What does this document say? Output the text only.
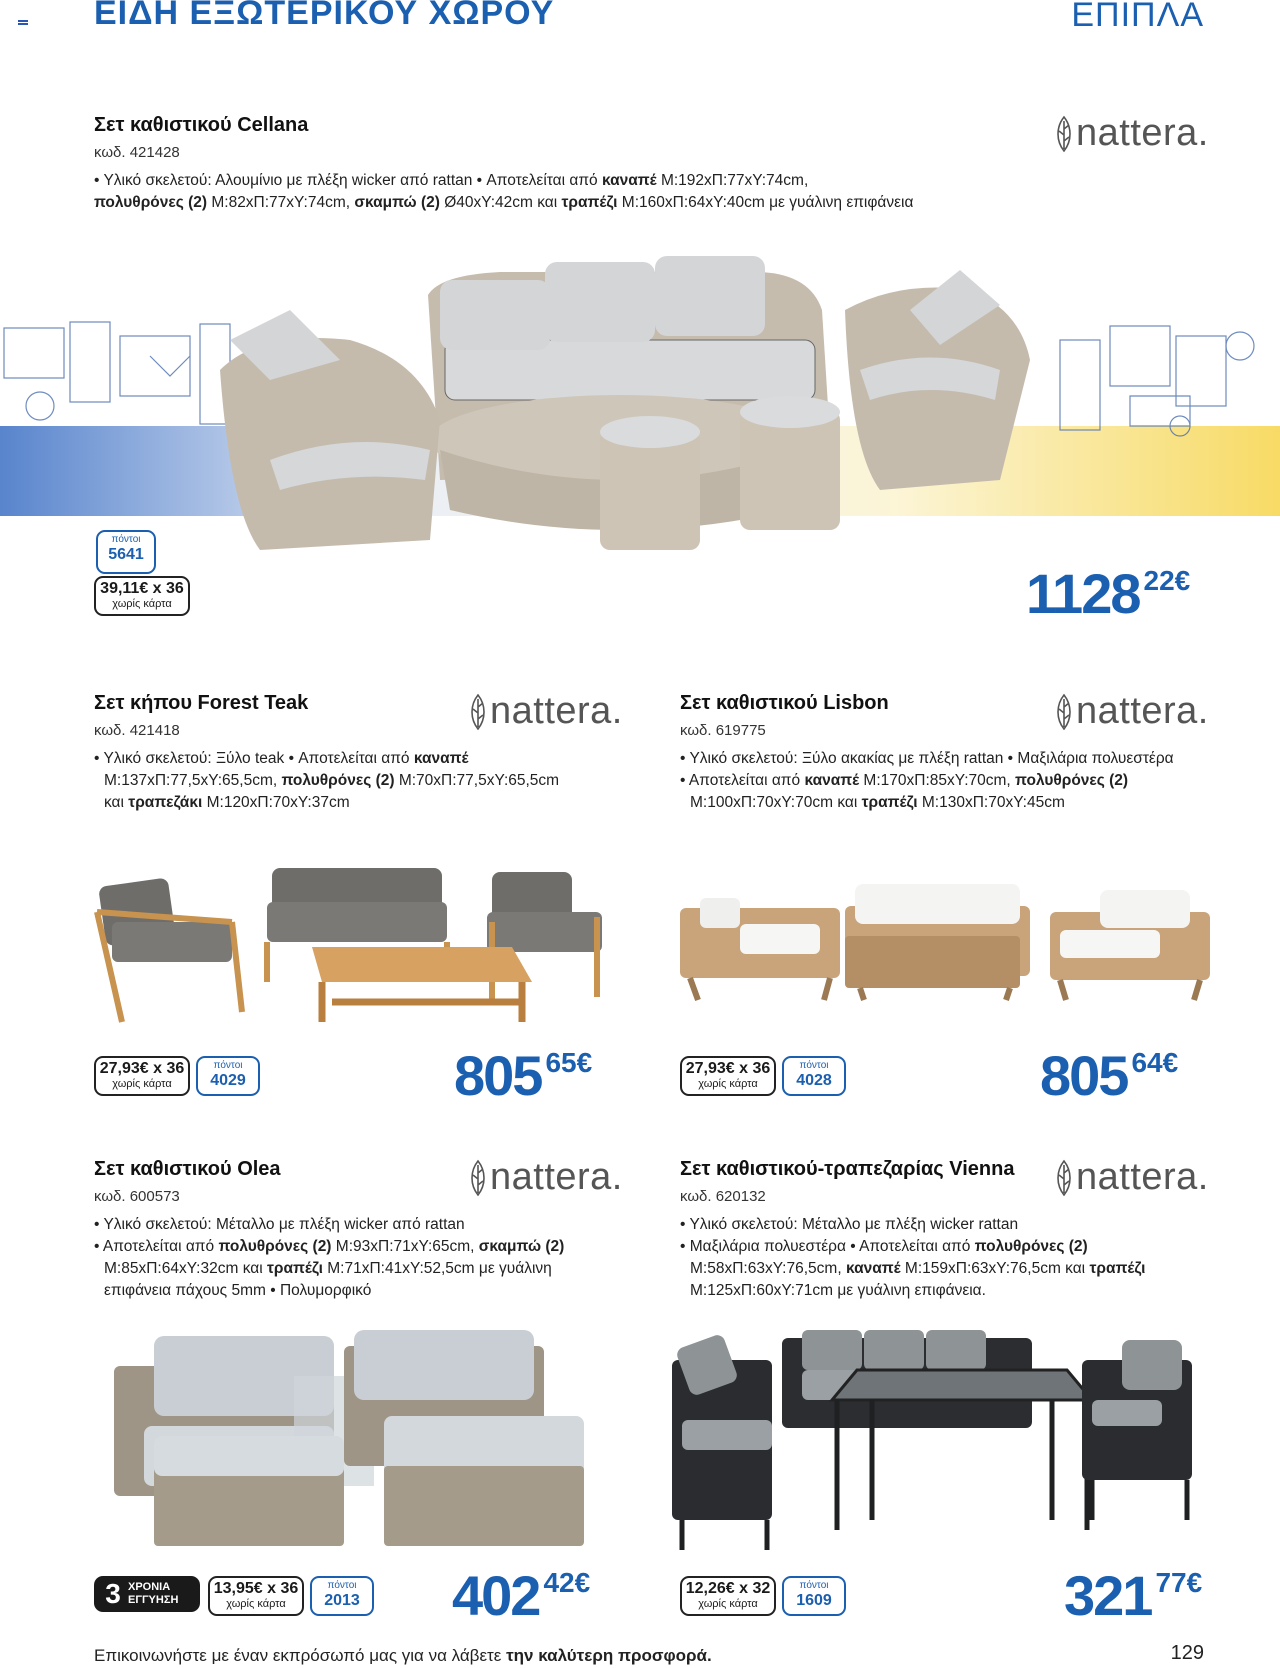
ΕΙΔΗ ΕΞΩΤΕΡΙΚΟΥ ΧΩΡΟΥ	ΕΠΙΠΛΑ
Σετ καθιστικού Cellana
κωδ. 421428
• Υλικό σκελετού: Αλουμίνιο με πλέξη wicker από rattan • Αποτελείται από καναπέ Μ:192xΠ:77xΥ:74cm,
πολυθρόνες (2) Μ:82xΠ:77xΥ:74cm, σκαμπώ (2) Ø40xΥ:42cm και τραπέζι Μ:160xΠ:64xΥ:40cm με γυάλινη επιφάνεια
nattera.
πόντοι
5641
39,11€ x 36
χωρίς κάρτα	1128 22€
Σετ κήπου Forest Teak
κωδ. 421418
• Υλικό σκελετού: Ξύλο teak • Αποτελείται από καναπέ
Μ:137xΠ:77,5xΥ:65,5cm, πολυθρόνες (2) Μ:70xΠ:77,5xΥ:65,5cm
και τραπεζάκι Μ:120xΠ:70xΥ:37cm
nattera.
27,93€ x 36
χωρίς κάρτα
πόντοι
4029	805 65€
Σετ καθιστικού Lisbon
κωδ. 619775
• Υλικό σκελετού: Ξύλο ακακίας με πλέξη rattan • Μαξιλάρια πολυεστέρα
• Αποτελείται από καναπέ Μ:170xΠ:85xΥ:70cm, πολυθρόνες (2)
Μ:100xΠ:70xΥ:70cm και τραπέζι Μ:130xΠ:70xΥ:45cm
nattera.
27,93€ x 36
χωρίς κάρτα
πόντοι
4028	805 64€
Σετ καθιστικού Olea
κωδ. 600573
• Υλικό σκελετού: Μέταλλο με πλέξη wicker από rattan
• Αποτελείται από πολυθρόνες (2) Μ:93xΠ:71xΥ:65cm, σκαμπώ (2)
Μ:85xΠ:64xΥ:32cm και τραπέζι Μ:71xΠ:41xΥ:52,5cm με γυάλινη
επιφάνεια πάχους 5mm • Πολυμορφικό
nattera.
3 ΧΡΟΝΙΑ
ΕΓΓΥΗΣΗ
13,95€ x 36
χωρίς κάρτα
πόντοι
2013 402 42€
Σετ καθιστικού-τραπεζαρίας Vienna
κωδ. 620132
• Υλικό σκελετού: Μέταλλο με πλέξη wicker rattan
• Μαξιλάρια πολυεστέρα • Αποτελείται από πολυθρόνες (2)
Μ:58xΠ:63xΥ:76,5cm, καναπέ Μ:159xΠ:63xΥ:76,5cm και τραπέζι
Μ:125xΠ:60xΥ:71cm με γυάλινη επιφάνεια.
nattera.
12,26€ x 32
χωρίς κάρτα
πόντοι
1609	321 77€
Επικοινωνήστε με έναν εκπρόσωπό μας για να λάβετε την καλύτερη προσφορά.	129
